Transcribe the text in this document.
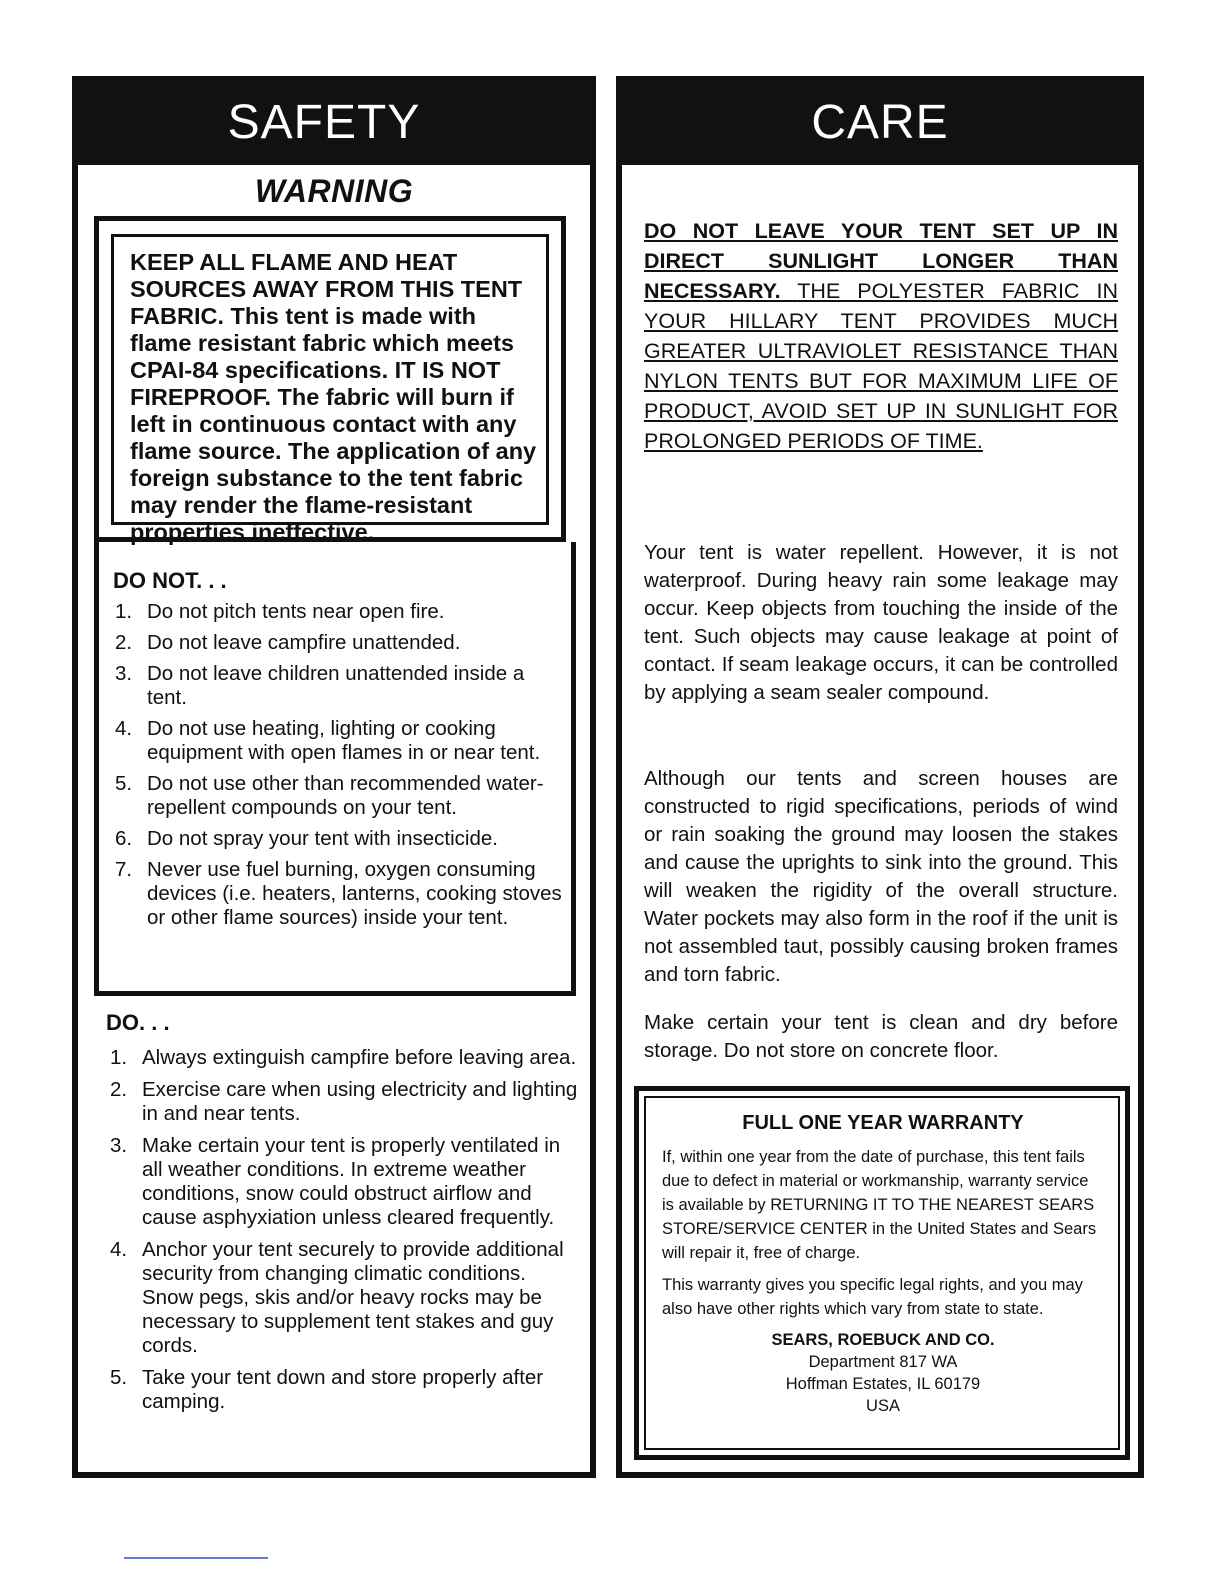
SAFETY
WARNING
KEEP ALL FLAME AND HEAT SOURCES AWAY FROM THIS TENT FABRIC. This tent is made with flame resistant fabric which meets CPAI-84 specifications. IT IS NOT FIREPROOF. The fabric will burn if left in continuous contact with any flame source. The application of any foreign substance to the tent fabric may render the flame-resistant properties ineffective.
DO NOT. . .
1. Do not pitch tents near open fire.
2. Do not leave campfire unattended.
3. Do not leave children unattended inside a tent.
4. Do not use heating, lighting or cooking equipment with open flames in or near tent.
5. Do not use other than recommended water-repellent compounds on your tent.
6. Do not spray your tent with insecticide.
7. Never use fuel burning, oxygen consuming devices (i.e. heaters, lanterns, cooking stoves or other flame sources) inside your tent.
DO. . .
1. Always extinguish campfire before leaving area.
2. Exercise care when using electricity and lighting in and near tents.
3. Make certain your tent is properly ventilated in all weather conditions. In extreme weather conditions, snow could obstruct airflow and cause asphyxiation unless cleared frequently.
4. Anchor your tent securely to provide additional security from changing climatic conditions. Snow pegs, skis and/or heavy rocks may be necessary to supplement tent stakes and guy cords.
5. Take your tent down and store properly after camping.
CARE
DO NOT LEAVE YOUR TENT SET UP IN DIRECT SUNLIGHT LONGER THAN NECESSARY. THE POLYESTER FABRIC IN YOUR HILLARY TENT PROVIDES MUCH GREATER ULTRAVIOLET RESISTANCE THAN NYLON TENTS BUT FOR MAXIMUM LIFE OF PRODUCT, AVOID SET UP IN SUNLIGHT FOR PROLONGED PERIODS OF TIME.

Your tent is water repellent. However, it is not waterproof. During heavy rain some leakage may occur. Keep objects from touching the inside of the tent. Such objects may cause leakage at point of contact. If seam leakage occurs, it can be controlled by applying a seam sealer compound.

Although our tents and screen houses are constructed to rigid specifications, periods of wind or rain soaking the ground may loosen the stakes and cause the uprights to sink into the ground. This will weaken the rigidity of the overall structure. Water pockets may also form in the roof if the unit is not assembled taut, possibly causing broken frames and torn fabric.

Make certain your tent is clean and dry before storage. Do not store on concrete floor.

FULL ONE YEAR WARRANTY

If, within one year from the date of purchase, this tent fails due to defect in material or workmanship, warranty service is available by RETURNING IT TO THE NEAREST SEARS STORE/SERVICE CENTER in the United States and Sears will repair it, free of charge.

This warranty gives you specific legal rights, and you may also have other rights which vary from state to state.

SEARS, ROEBUCK AND CO.
Department 817 WA
Hoffman Estates, IL 60179
USA
